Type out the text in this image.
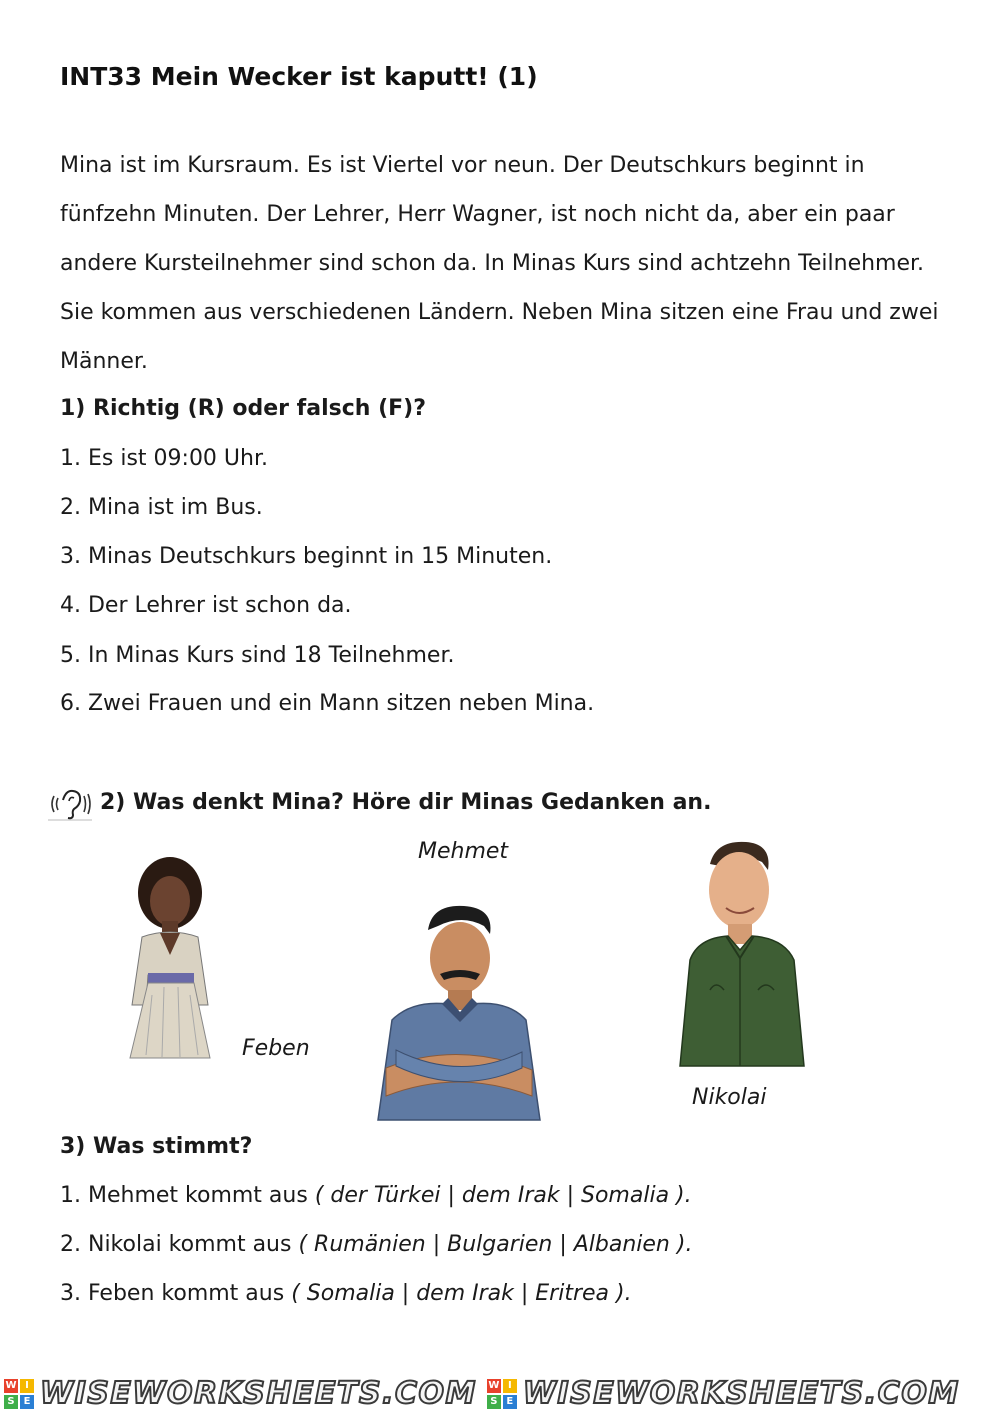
INT33 Mein Wecker ist kaputt! (1)
Mina ist im Kursraum. Es ist Viertel vor neun. Der Deutschkurs beginnt in
fünfzehn Minuten. Der Lehrer, Herr Wagner, ist noch nicht da, aber ein paar
andere Kursteilnehmer sind schon da. In Minas Kurs sind achtzehn Teilnehmer.
Sie kommen aus verschiedenen Ländern. Neben Mina sitzen eine Frau und zwei
Männer.
1) Richtig (R) oder falsch (F)?
1. Es ist 09:00 Uhr.
2. Mina ist im Bus.
3. Minas Deutschkurs beginnt in 15 Minuten.
4. Der Lehrer ist schon da.
5. In Minas Kurs sind 18 Teilnehmer.
6. Zwei Frauen und ein Mann sitzen neben Mina.
2) Was denkt Mina? Höre dir Minas Gedanken an.
Mehmet
Feben
Nikolai
3) Was stimmt?
1. Mehmet kommt aus ( der Türkei | dem Irak | Somalia ).
2. Nikolai kommt aus ( Rumänien | Bulgarien | Albanien ).
3. Feben kommt aus ( Somalia | dem Irak | Eritrea ).
W I
S E WISEWORKSHEETS.COM W I
S E WISEWORKSHEETS.COM
